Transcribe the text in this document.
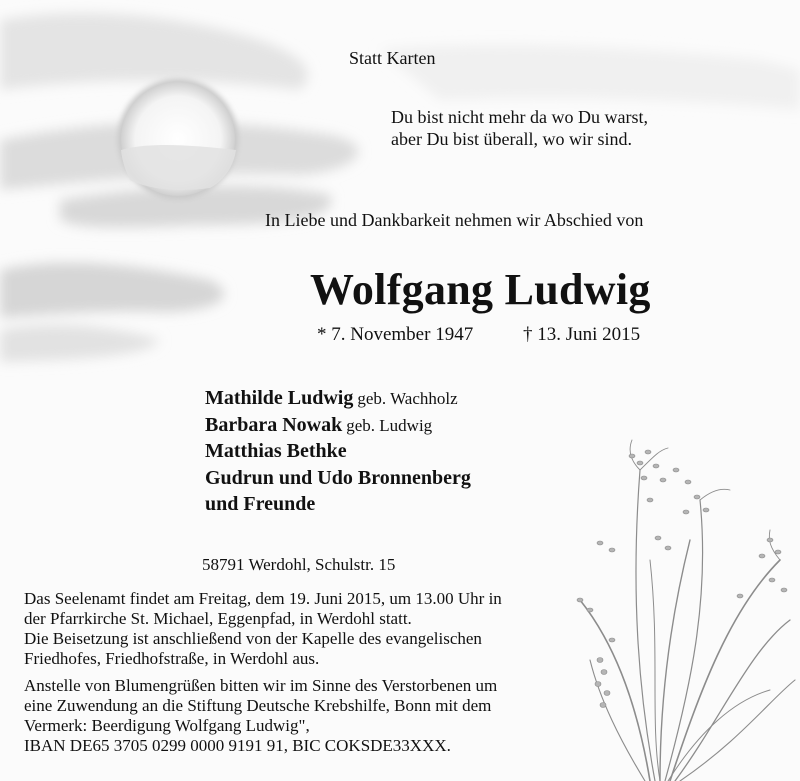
Statt Karten
Du bist nicht mehr da wo Du warst,
aber Du bist überall, wo wir sind.
In Liebe und Dankbarkeit nehmen wir Abschied von
Wolfgang Ludwig
* 7. November 1947	† 13. Juni 2015
Mathilde Ludwig geb. Wachholz
Barbara Nowak geb. Ludwig
Matthias Bethke
Gudrun und Udo Bronnenberg
und Freunde
58791 Werdohl, Schulstr. 15
Das Seelenamt findet am Freitag, dem 19. Juni 2015, um 13.00 Uhr in
der Pfarrkirche St. Michael, Eggenpfad, in Werdohl statt.
Die Beisetzung ist anschließend von der Kapelle des evangelischen
Friedhofes, Friedhofstraße, in Werdohl aus.
Anstelle von Blumengrüßen bitten wir im Sinne des Verstorbenen um
eine Zuwendung an die Stiftung Deutsche Krebshilfe, Bonn mit dem
Vermerk: Beerdigung Wolfgang Ludwig",
IBAN DE65 3705 0299 0000 9191 91, BIC COKSDE33XXX.
